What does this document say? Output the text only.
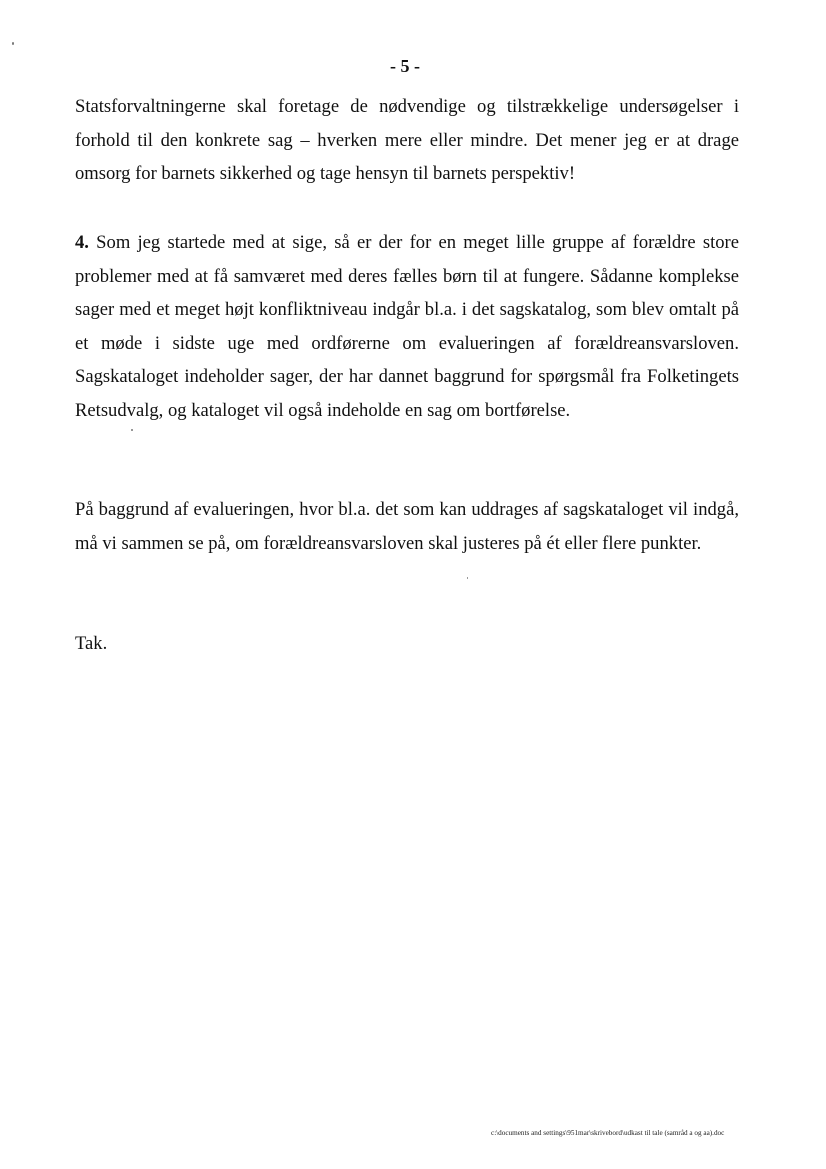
- 5 -

Statsforvaltningerne skal foretage de nødvendige og tilstrækkelige undersøgelser i forhold til den konkrete sag – hverken mere eller mindre. Det mener jeg er at drage omsorg for barnets sikkerhed og tage hensyn til barnets perspektiv!

4. Som jeg startede med at sige, så er der for en meget lille gruppe af forældre store problemer med at få samværet med deres fælles børn til at fungere. Sådanne komplekse sager med et meget højt konfliktniveau indgår bl.a. i det sagskatalog, som blev omtalt på et møde i sidste uge med ordførerne om evalueringen af forældreansvarsloven. Sagskataloget indeholder sager, der har dannet baggrund for spørgsmål fra Folketingets Retsudvalg, og kataloget vil også indeholde en sag om bortførelse.

På baggrund af evalueringen, hvor bl.a. det som kan uddrages af sagskataloget vil indgå, må vi sammen se på, om forældreansvarsloven skal justeres på ét eller flere punkter.

Tak.

c:\documents and settings\951mar\skrivebord\udkast til tale (samråd a og aa).doc
